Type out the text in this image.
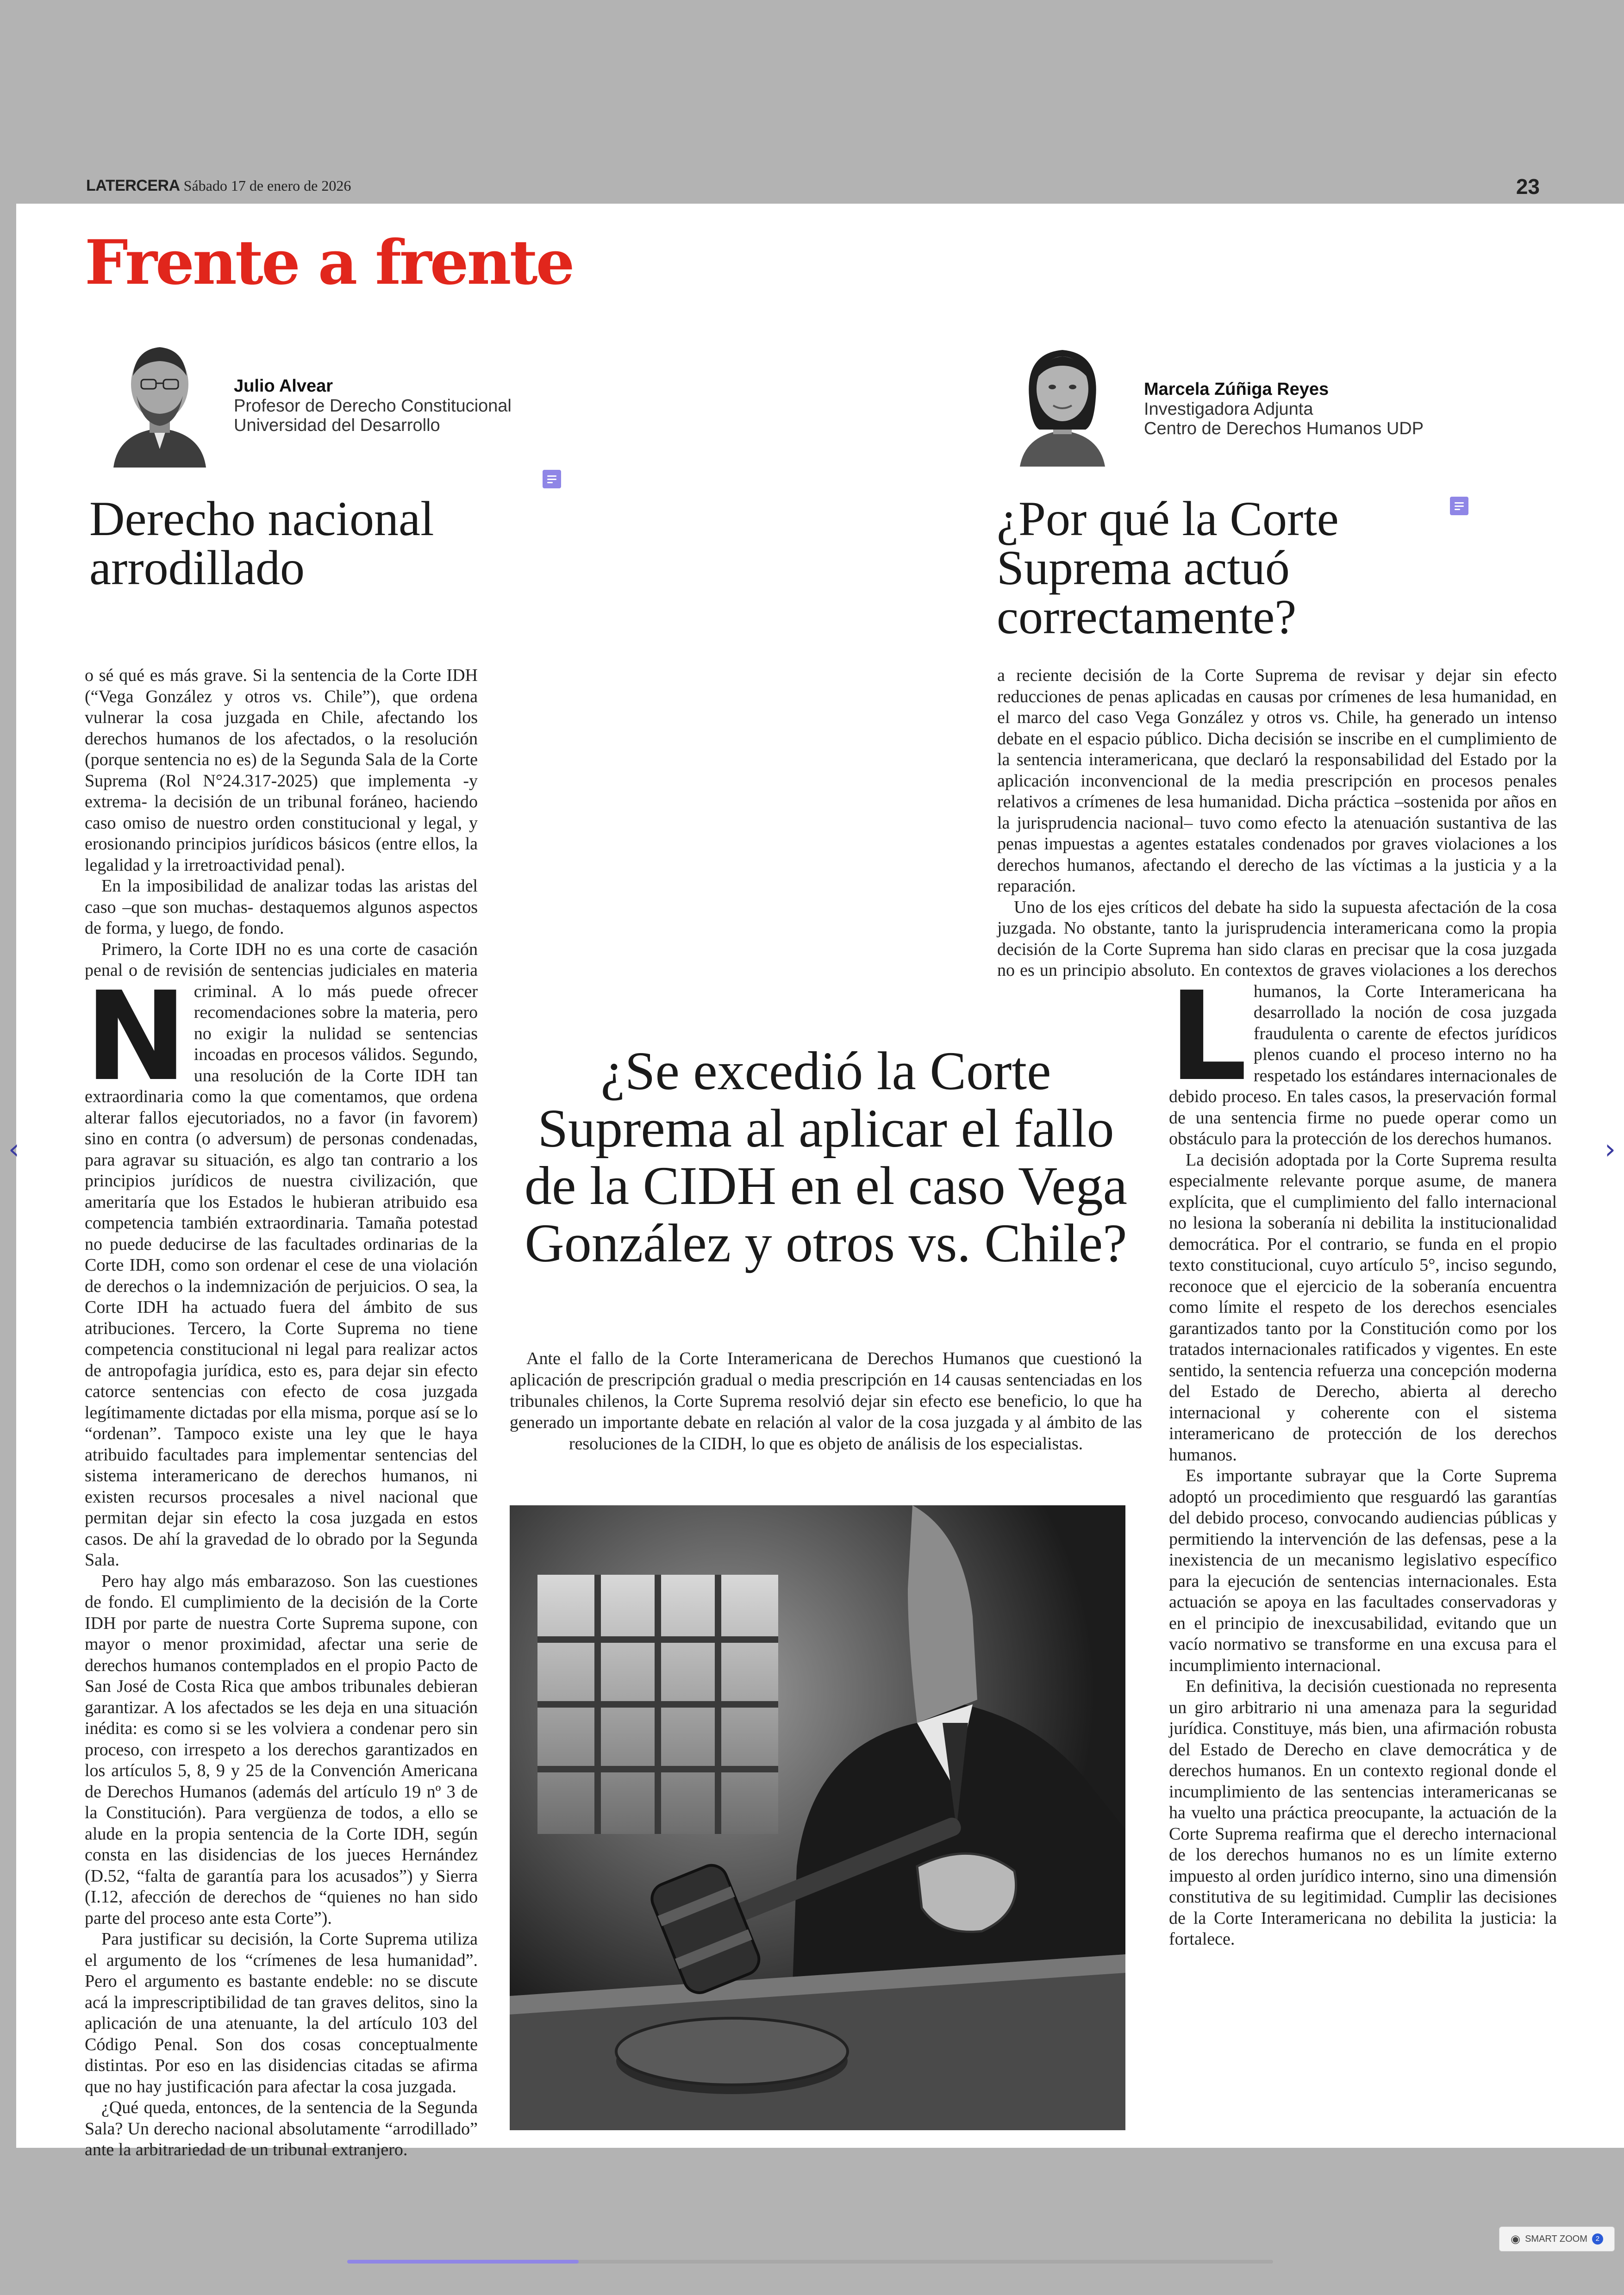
LATERCERA Sábado 17 de enero de 2026	23
Frente a frente
Julio Alvear
Profesor de Derecho Constitucional
Universidad del Desarrollo
Derecho nacional
arrodillado
Marcela Zúñiga Reyes
Investigadora Adjunta
Centro de Derechos Humanos UDP
¿Por qué la Corte
Suprema actuó
correctamente?
N

o sé qué es más grave. Si la sentencia de la Corte IDH (“Vega González y otros vs. Chile”), que ordena vulnerar la cosa juzgada en Chile, afectando los derechos humanos de los afectados, o la resolución (porque sentencia no es) de la Segunda Sala de la Corte Suprema (Rol N°24.317-2025) que implementa -y extrema- la decisión de un tribunal foráneo, haciendo caso omiso de nuestro orden constitucional y legal, y erosionando principios jurídicos básicos (entre ellos, la legalidad y la irretroactividad penal).

En la imposibilidad de analizar todas las aristas del caso –que son muchas- destaquemos algunos aspectos de forma, y luego, de fondo.

Primero, la Corte IDH no es una corte de casación penal o de revisión de sentencias judiciales en materia criminal. A lo más puede ofrecer recomendaciones sobre la materia, pero no exigir la nulidad se sentencias incoadas en procesos válidos. Segundo, una resolución de la Corte IDH tan extraordinaria como la que comentamos, que ordena alterar fallos ejecutoriados, no a favor (in favorem) sino en contra (o adversum) de personas condenadas, para agravar su situación, es algo tan contrario a los principios jurídicos de nuestra civilización, que ameritaría que los Estados le hubieran atribuido esa competencia también extraordinaria. Tamaña potestad no puede deducirse de las facultades ordinarias de la Corte IDH, como son ordenar el cese de una violación de derechos o la indemnización de perjuicios. O sea, la Corte IDH ha actuado fuera del ámbito de sus atribuciones. Tercero, la Corte Suprema no tiene competencia constitucional ni legal para realizar actos de antropofagia jurídica, esto es, para dejar sin efecto catorce sentencias con efecto de cosa juzgada legítimamente dictadas por ella misma, porque así se lo “ordenan”. Tampoco existe una ley que le haya atribuido facultades para implementar sentencias del sistema interamericano de derechos humanos, ni existen recursos procesales a nivel nacional que permitan dejar sin efecto la cosa juzgada en estos casos. De ahí la gravedad de lo obrado por la Segunda Sala.

Pero hay algo más embarazoso. Son las cuestiones de fondo. El cumplimiento de la decisión de la Corte IDH por parte de nuestra Corte Suprema supone, con mayor o menor proximidad, afectar una serie de derechos humanos contemplados en el propio Pacto de San José de Costa Rica que ambos tribunales debieran garantizar. A los afectados se les deja en una situación inédita: es como si se les volviera a condenar pero sin proceso, con irrespeto a los derechos garantizados en los artículos 5, 8, 9 y 25 de la Convención Americana de Derechos Humanos (además del artículo 19 nº 3 de la Constitución). Para vergüenza de todos, a ello se alude en la propia sentencia de la Corte IDH, según consta en las disidencias de los jueces Hernández (D.52, “falta de garantía para los acusados”) y Sierra (I.12, afección de derechos de “quienes no han sido parte del proceso ante esta Corte”).

Para justificar su decisión, la Corte Suprema utiliza el argumento de los “crímenes de lesa humanidad”. Pero el argumento es bastante endeble: no se discute acá la imprescriptibilidad de tan graves delitos, sino la aplicación de una atenuante, la del artículo 103 del Código Penal. Son dos cosas conceptualmente distintas. Por eso en las disidencias citadas se afirma que no hay justificación para afectar la cosa juzgada.

¿Qué queda, entonces, de la sentencia de la Segunda Sala? Un derecho nacional absolutamente “arrodillado” ante la arbitrariedad de un tribunal extranjero.

L

a reciente decisión de la Corte Suprema de revisar y dejar sin efecto reducciones de penas aplicadas en causas por crímenes de lesa humanidad, en el marco del caso Vega González y otros vs. Chile, ha generado un intenso debate en el espacio público. Dicha decisión se inscribe en el cumplimiento de la sentencia interamericana, que declaró la responsabilidad del Estado por la aplicación inconvencional de la media prescripción en procesos penales relativos a crímenes de lesa humanidad. Dicha práctica –sostenida por años en la jurisprudencia nacional– tuvo como efecto la atenuación sustantiva de las penas impuestas a agentes estatales condenados por graves violaciones a los derechos humanos, afectando el derecho de las víctimas a la justicia y a la reparación.

Uno de los ejes críticos del debate ha sido la supuesta afectación de la cosa juzgada. No obstante, tanto la jurisprudencia interamericana como la propia decisión de la Corte Suprema han sido claras en precisar que la cosa juzgada no es un principio absoluto. En contextos de graves violaciones a los derechos humanos, la Corte Interamericana ha desarrollado la noción de cosa juzgada fraudulenta o carente de efectos jurídicos plenos cuando el proceso interno no ha respetado los estándares internacionales de debido proceso. En tales casos, la preservación formal de una sentencia firme no puede operar como un obstáculo para la protección de los derechos humanos.

La decisión adoptada por la Corte Suprema resulta especialmente relevante porque asume, de manera explícita, que el cumplimiento del fallo internacional no lesiona la soberanía ni debilita la institucionalidad democrática. Por el contrario, se funda en el propio texto constitucional, cuyo artículo 5°, inciso segundo, reconoce que el ejercicio de la soberanía encuentra como límite el respeto de los derechos esenciales garantizados tanto por la Constitución como por los tratados internacionales ratificados y vigentes. En este sentido, la sentencia refuerza una concepción moderna del Estado de Derecho, abierta al derecho internacional y coherente con el sistema interamericano de protección de los derechos humanos.

Es importante subrayar que la Corte Suprema adoptó un procedimiento que resguardó las garantías del debido proceso, convocando audiencias públicas y permitiendo la intervención de las defensas, pese a la inexistencia de un mecanismo legislativo específico para la ejecución de sentencias internacionales. Esta actuación se apoya en las facultades conservadoras y en el principio de inexcusabilidad, evitando que un vacío normativo se transforme en una excusa para el incumplimiento internacional.

En definitiva, la decisión cuestionada no representa un giro arbitrario ni una amenaza para la seguridad jurídica. Constituye, más bien, una afirmación robusta del Estado de Derecho en clave democrática y de derechos humanos. En un contexto regional donde el incumplimiento de las sentencias interamericanas se ha vuelto una práctica preocupante, la actuación de la Corte Suprema reafirma que el derecho internacional de los derechos humanos no es un límite externo impuesto al orden jurídico interno, sino una dimensión constitutiva de su legitimidad. Cumplir las decisiones de la Corte Interamericana no debilita la justicia: la fortalece.

¿Se excedió la Corte Suprema al aplicar el fallo de la CIDH en el caso Vega González y otros vs. Chile?
Ante el fallo de la Corte Interamericana de Derechos Humanos que cuestionó la aplicación de prescripción gradual o media prescripción en 14 causas sentenciadas en los tribunales chilenos, la Corte Suprema resolvió dejar sin efecto ese beneficio, lo que ha generado un importante debate en relación al valor de la cosa juzgada y al ámbito de las resoluciones de la CIDH, lo que es objeto de análisis de los especialistas.
‹	›
◉ SMART ZOOM	2
